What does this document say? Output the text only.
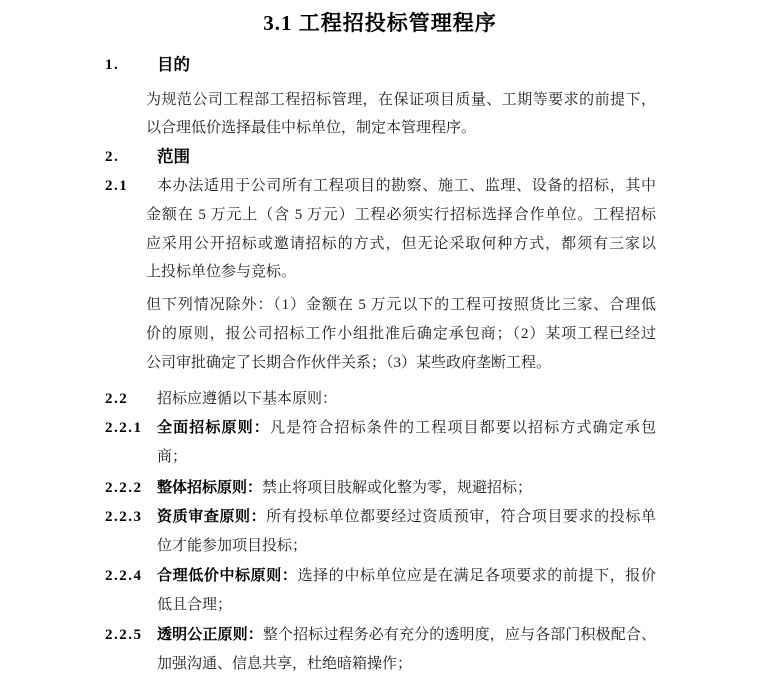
3.1 工程招投标管理程序
1. 目的
为规范公司工程部工程招标管理，在保证项目质量、工期等要求的前提下，
以合理低价选择最佳中标单位，制定本管理程序。
2. 范围
2.1 本办法适用于公司所有工程项目的勘察、施工、监理、设备的招标，其中
金额在 5 万元上（含 5 万元）工程必须实行招标选择合作单位。工程招标
应采用公开招标或邀请招标的方式，但无论采取何种方式，都须有三家以
上投标单位参与竞标。
但下列情况除外：（1）金额在 5 万元以下的工程可按照货比三家、合理低
价的原则，报公司招标工作小组批准后确定承包商；（2）某项工程已经过
公司审批确定了长期合作伙伴关系；（3）某些政府垄断工程。
2.2 招标应遵循以下基本原则：
2.2.1 全面招标原则：凡是符合招标条件的工程项目都要以招标方式确定承包
商；
2.2.2 整体招标原则：禁止将项目肢解或化整为零，规避招标；
2.2.3 资质审查原则：所有投标单位都要经过资质预审，符合项目要求的投标单
位才能参加项目投标；
2.2.4 合理低价中标原则：选择的中标单位应是在满足各项要求的前提下，报价
低且合理；
2.2.5 透明公正原则：整个招标过程务必有充分的透明度，应与各部门积极配合、
加强沟通、信息共享，杜绝暗箱操作；
